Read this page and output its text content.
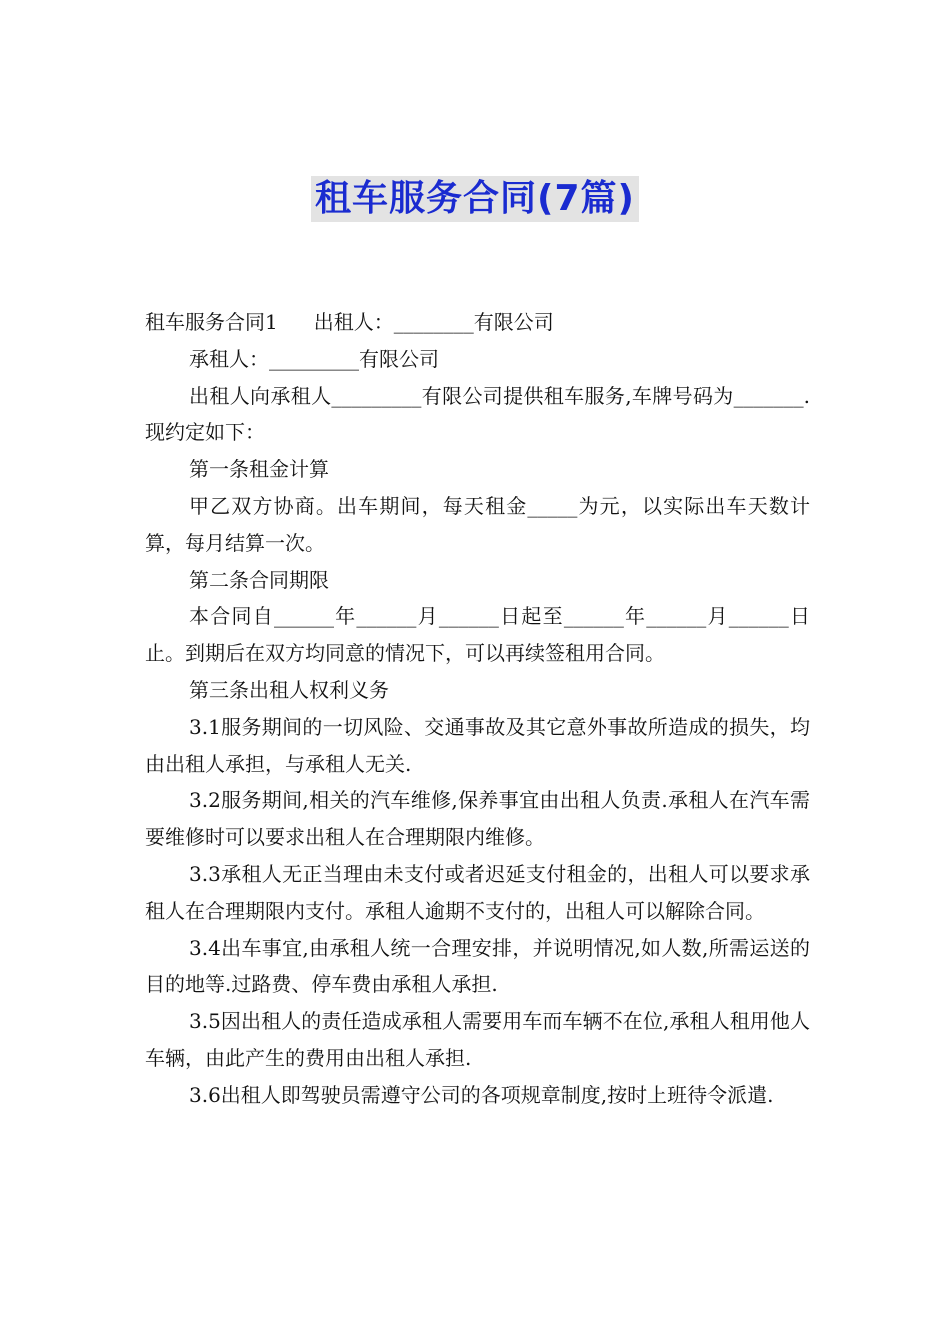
租车服务合同(7篇)

租车服务合同1 出租人：________有限公司

承租人：_________有限公司

出租人向承租人_________有限公司提供租车服务,车牌号码为_______.现约定如下：

第一条租金计算

甲乙双方协商。出车期间，每天租金_____为元，以实际出车天数计算，每月结算一次。

第二条合同期限

本合同自______年______月______日起至______年______月______日止。到期后在双方均同意的情况下，可以再续签租用合同。

第三条出租人权利义务

3.1服务期间的一切风险、交通事故及其它意外事故所造成的损失，均由出租人承担，与承租人无关.

3.2服务期间,相关的汽车维修,保养事宜由出租人负责.承租人在汽车需要维修时可以要求出租人在合理期限内维修。

3.3承租人无正当理由未支付或者迟延支付租金的，出租人可以要求承租人在合理期限内支付。承租人逾期不支付的，出租人可以解除合同。

3.4出车事宜,由承租人统一合理安排，并说明情况,如人数,所需运送的目的地等.过路费、停车费由承租人承担.

3.5因出租人的责任造成承租人需要用车而车辆不在位,承租人租用他人车辆，由此产生的费用由出租人承担.

3.6出租人即驾驶员需遵守公司的各项规章制度,按时上班待令派遣.
